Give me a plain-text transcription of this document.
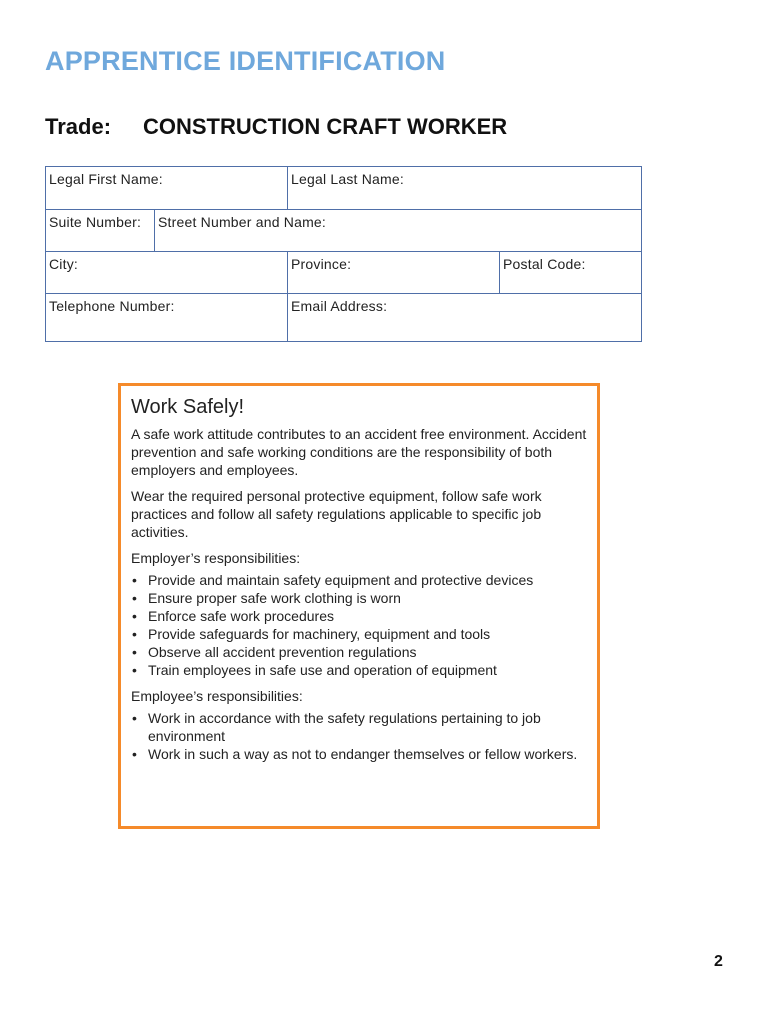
APPRENTICE IDENTIFICATION
Trade: CONSTRUCTION CRAFT WORKER
Legal First Name:	Legal Last Name:
Suite Number:	Street Number and Name:
City:	Province:	Postal Code:
Telephone Number:	Email Address:
Work Safely!

A safe work attitude contributes to an accident free environment. Accident prevention and safe working conditions are the responsibility of both employers and employees.

Wear the required personal protective equipment, follow safe work practices and follow all safety regulations applicable to specific job activities.

Employer’s responsibilities:
• Provide and maintain safety equipment and protective devices
• Ensure proper safe work clothing is worn
• Enforce safe work procedures
• Provide safeguards for machinery, equipment and tools
• Observe all accident prevention regulations
• Train employees in safe use and operation of equipment
Employee’s responsibilities:
• Work in accordance with the safety regulations pertaining to job environment
• Work in such a way as not to endanger themselves or fellow workers.
2
